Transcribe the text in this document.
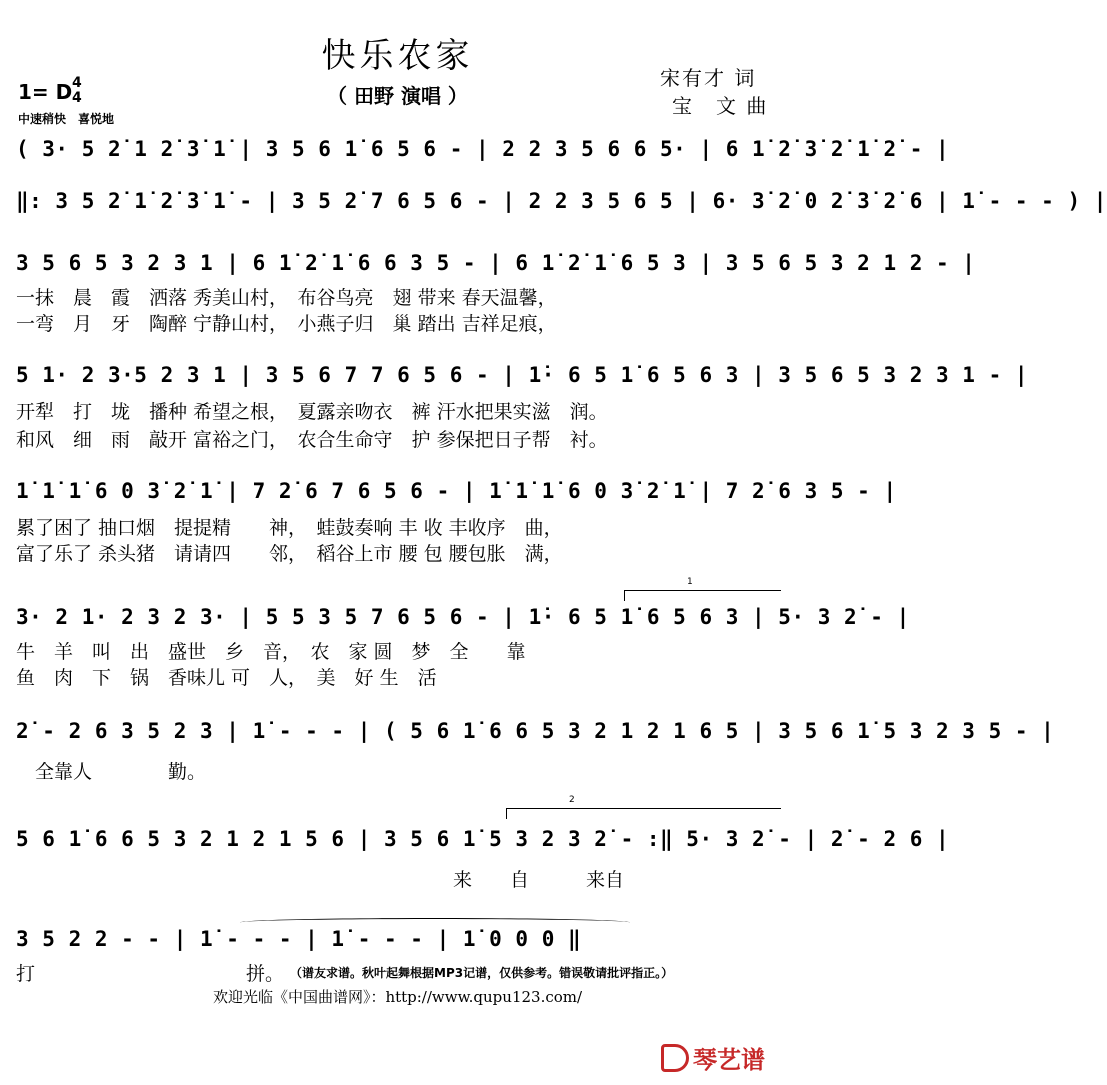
快乐农家
（ 田野 演唱 ）
宋有才 词
宝　文 曲
1= D 4
4
中速稍快　喜悦地
( 3· 5 2̇ 1 2̇ 3̇ 1̇ | 3 5 6 1̇ 6 5 6 - | 2 2 3 5 6 6 5· | 6 1̇ 2̇ 3̇ 2̇ 1̇ 2̇ - |
‖: 3 5 2̇ 1̇ 2̇ 3̇ 1̇ - | 3 5 2̇ 7 6 5 6 - | 2 2 3 5 6 5 | 6· 3̇ 2̇ 0 2̇ 3̇ 2̇ 6 | 1̇ - - - ) |
3 5 6 5 3 2 3 1 | 6 1̇ 2̇ 1̇ 6 6 3 5 - | 6 1̇ 2̇ 1̇ 6 5 3 | 3 5 6 5 3 2 1 2 - |
一抹　晨　霞　洒落 秀美山村，　布谷鸟亮　翅 带来 春天温馨，
一弯　月　牙　陶醉 宁静山村，　小燕子归　巢 踏出 吉祥足痕，
5 1· 2 3·5 2 3 1 | 3 5 6 7 7 6 5 6 - | 1̇· 6 5 1̇ 6 5 6 3 | 3 5 6 5 3 2 3 1 - |
开犁　打　垅　播种 希望之根，　夏露亲吻衣　裤 汗水把果实滋　润。
和风　细　雨　敲开 富裕之门，　农合生命守　护 参保把日子帮　衬。
1̇ 1̇ 1̇ 6 0 3̇ 2̇ 1̇ | 7 2̇ 6 7 6 5 6 - | 1̇ 1̇ 1̇ 6 0 3̇ 2̇ 1̇ | 7 2̇ 6 3 5 - |
累了困了 抽口烟　提提精　　神，　蛙鼓奏响 丰 收 丰收序　曲，
富了乐了 杀头猪　请请四　　邻，　稻谷上市 腰 包 腰包胀　满，
1
3· 2 1· 2 3 2 3· | 5 5 3 5 7 6 5 6 - | 1̇· 6 5 1̇ 6 5 6 3 | 5· 3 2̇ - |
牛　羊　叫　出　盛世　乡　音，　农　家 圆　梦　全　　靠
鱼　肉　下　锅　香味儿 可　人，　美　好 生　活
2̇ - 2 6 3 5 2 3 | 1̇ - - - | ( 5 6 1̇ 6 6 5 3 2 1 2 1 6 5 | 3 5 6 1̇ 5 3 2 3 5 - |
　全靠人　　　　勤。
2
5 6 1̇ 6 6 5 3 2 1 2 1 5 6 | 3 5 6 1̇ 5 3 2 3 2̇ - :‖ 5· 3 2̇ - | 2̇ - 2 6 |
　　　　　　　　　　　　　　　　　　　　　　　来　　自　　　来自
3 5 2 2 - - | 1̇ - - - | 1̇ - - - | 1̇ 0 0 0 ‖
打	拼。 （谱友求谱。秋叶起舞根据MP3记谱，仅供参考。错误敬请批评指正。）
欢迎光临《中国曲谱网》：http://www.qupu123.com/
琴艺谱
